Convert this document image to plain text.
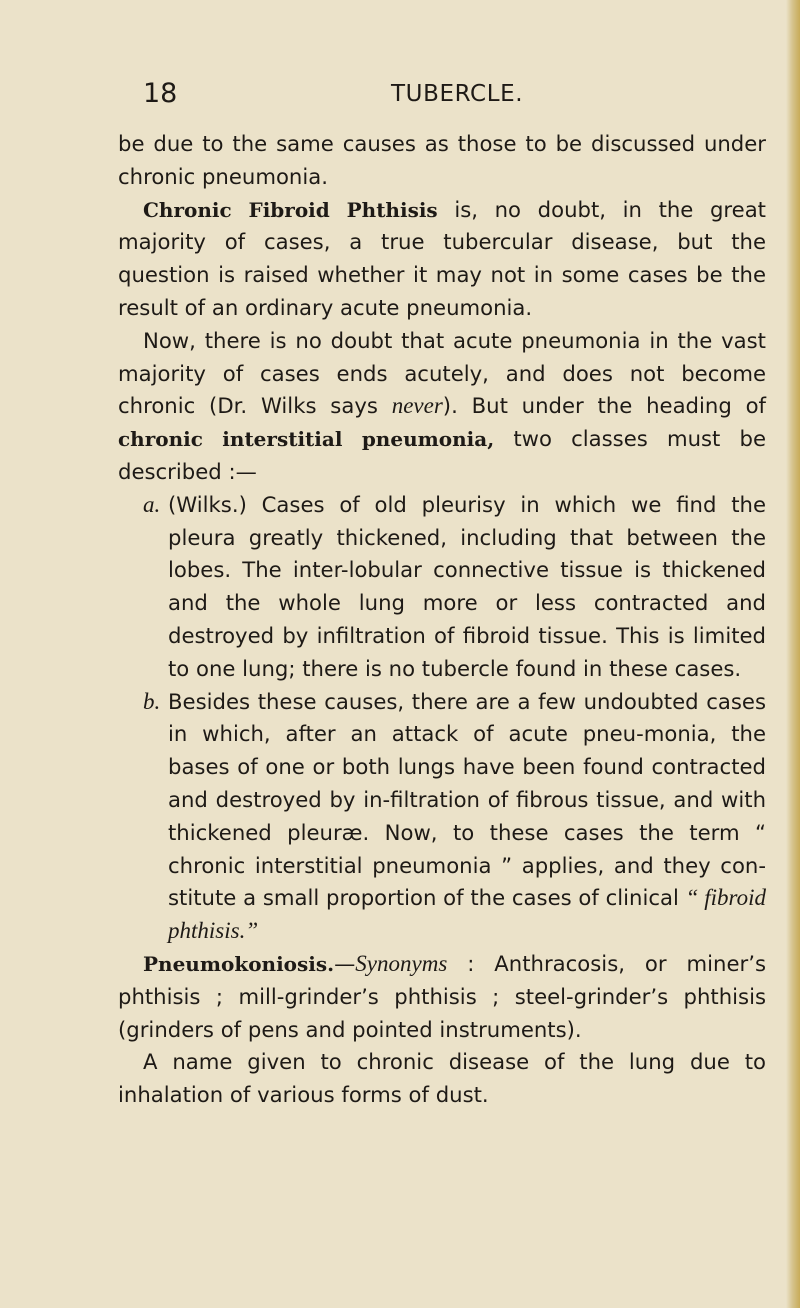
18	TUBERCLE.

be due to the same causes as those to be discussed under chronic pneumonia.

Chronic Fibroid Phthisis is, no doubt, in the great majority of cases, a true tubercular disease, but the question is raised whether it may not in some cases be the result of an ordinary acute pneumonia.

Now, there is no doubt that acute pneumonia in the vast majority of cases ends acutely, and does not become chronic (Dr. Wilks says never). But under the heading of chronic interstitial pneumonia, two classes must be described :—

a. (Wilks.) Cases of old pleurisy in which we find the pleura greatly thickened, including that between the lobes. The inter-lobular connective tissue is thickened and the whole lung more or less contracted and destroyed by infiltration of fibroid tissue. This is limited to one lung; there is no tubercle found in these cases.

b. Besides these causes, there are a few undoubted cases in which, after an attack of acute pneu-monia, the bases of one or both lungs have been found contracted and destroyed by in-filtration of fibrous tissue, and with thickened pleuræ. Now, to these cases the term “ chronic interstitial pneumonia ” applies, and they con-stitute a small proportion of the cases of clinical “ fibroid phthisis.”

Pneumokoniosis.—Synonyms : Anthracosis, or miner’s phthisis ; mill-grinder’s phthisis ; steel-grinder’s phthisis (grinders of pens and pointed instruments).

A name given to chronic disease of the lung due to inhalation of various forms of dust.
